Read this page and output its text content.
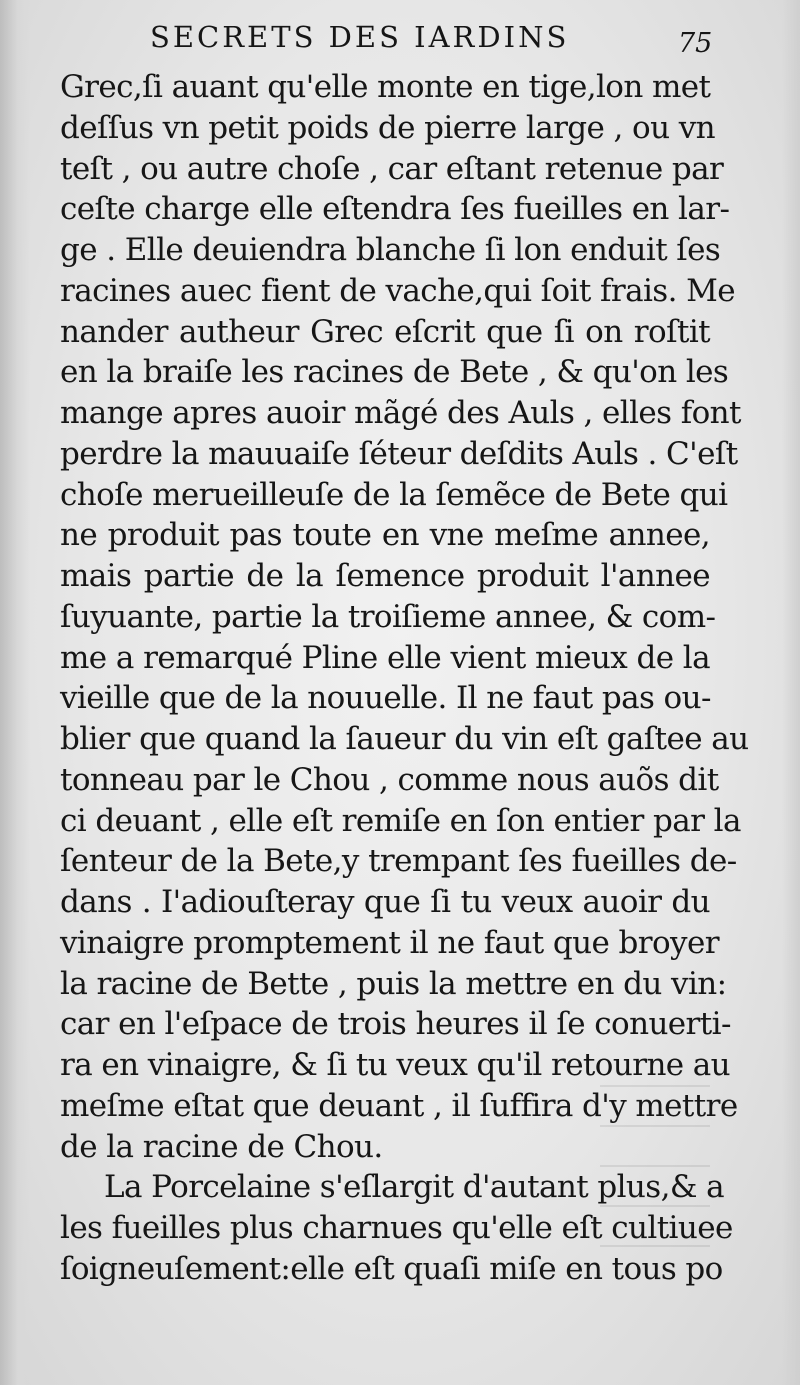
SECRETS DES IARDINS	75
Grec,ſi auant qu'elle monte en tige,lon met
deſſus vn petit poids de pierre large , ou vn
teſt , ou autre choſe , car eſtant retenue par
ceſte charge elle eſtendra ſes fueilles en lar-
ge . Elle deuiendra blanche ſi lon enduit ſes
racines auec fient de vache,qui ſoit frais. Me
nander autheur Grec eſcrit que ſi on roſtit
en la braiſe les racines de Bete , & qu'on les
mange apres auoir mãgé des Auls , elles font
perdre la mauuaiſe ſéteur deſdits Auls . C'eſt
choſe merueilleuſe de la ſemẽce de Bete qui
ne produit pas toute en vne meſme annee,
mais partie de la ſemence produit l'annee
ſuyuante, partie la troiſieme annee, & com-
me a remarqué Pline elle vient mieux de la
vieille que de la nouuelle. Il ne faut pas ou-
blier que quand la ſaueur du vin eſt gaſtee au
tonneau par le Chou , comme nous auõs dit
ci deuant , elle eſt remiſe en ſon entier par la
ſenteur de la Bete,y trempant ſes fueilles de-
dans . I'adiouſteray que ſi tu veux auoir du
vinaigre promptement il ne faut que broyer
la racine de Bette , puis la mettre en du vin:
car en l'eſpace de trois heures il ſe conuerti-
ra en vinaigre, & ſi tu veux qu'il retourne au
meſme eſtat que deuant , il ſuffira d'y mettre
de la racine de Chou.
La Porcelaine s'eſlargit d'autant plus,& a
les fueilles plus charnues qu'elle eſt cultiuee
ſoigneuſement:elle eſt quaſi miſe en tous po
